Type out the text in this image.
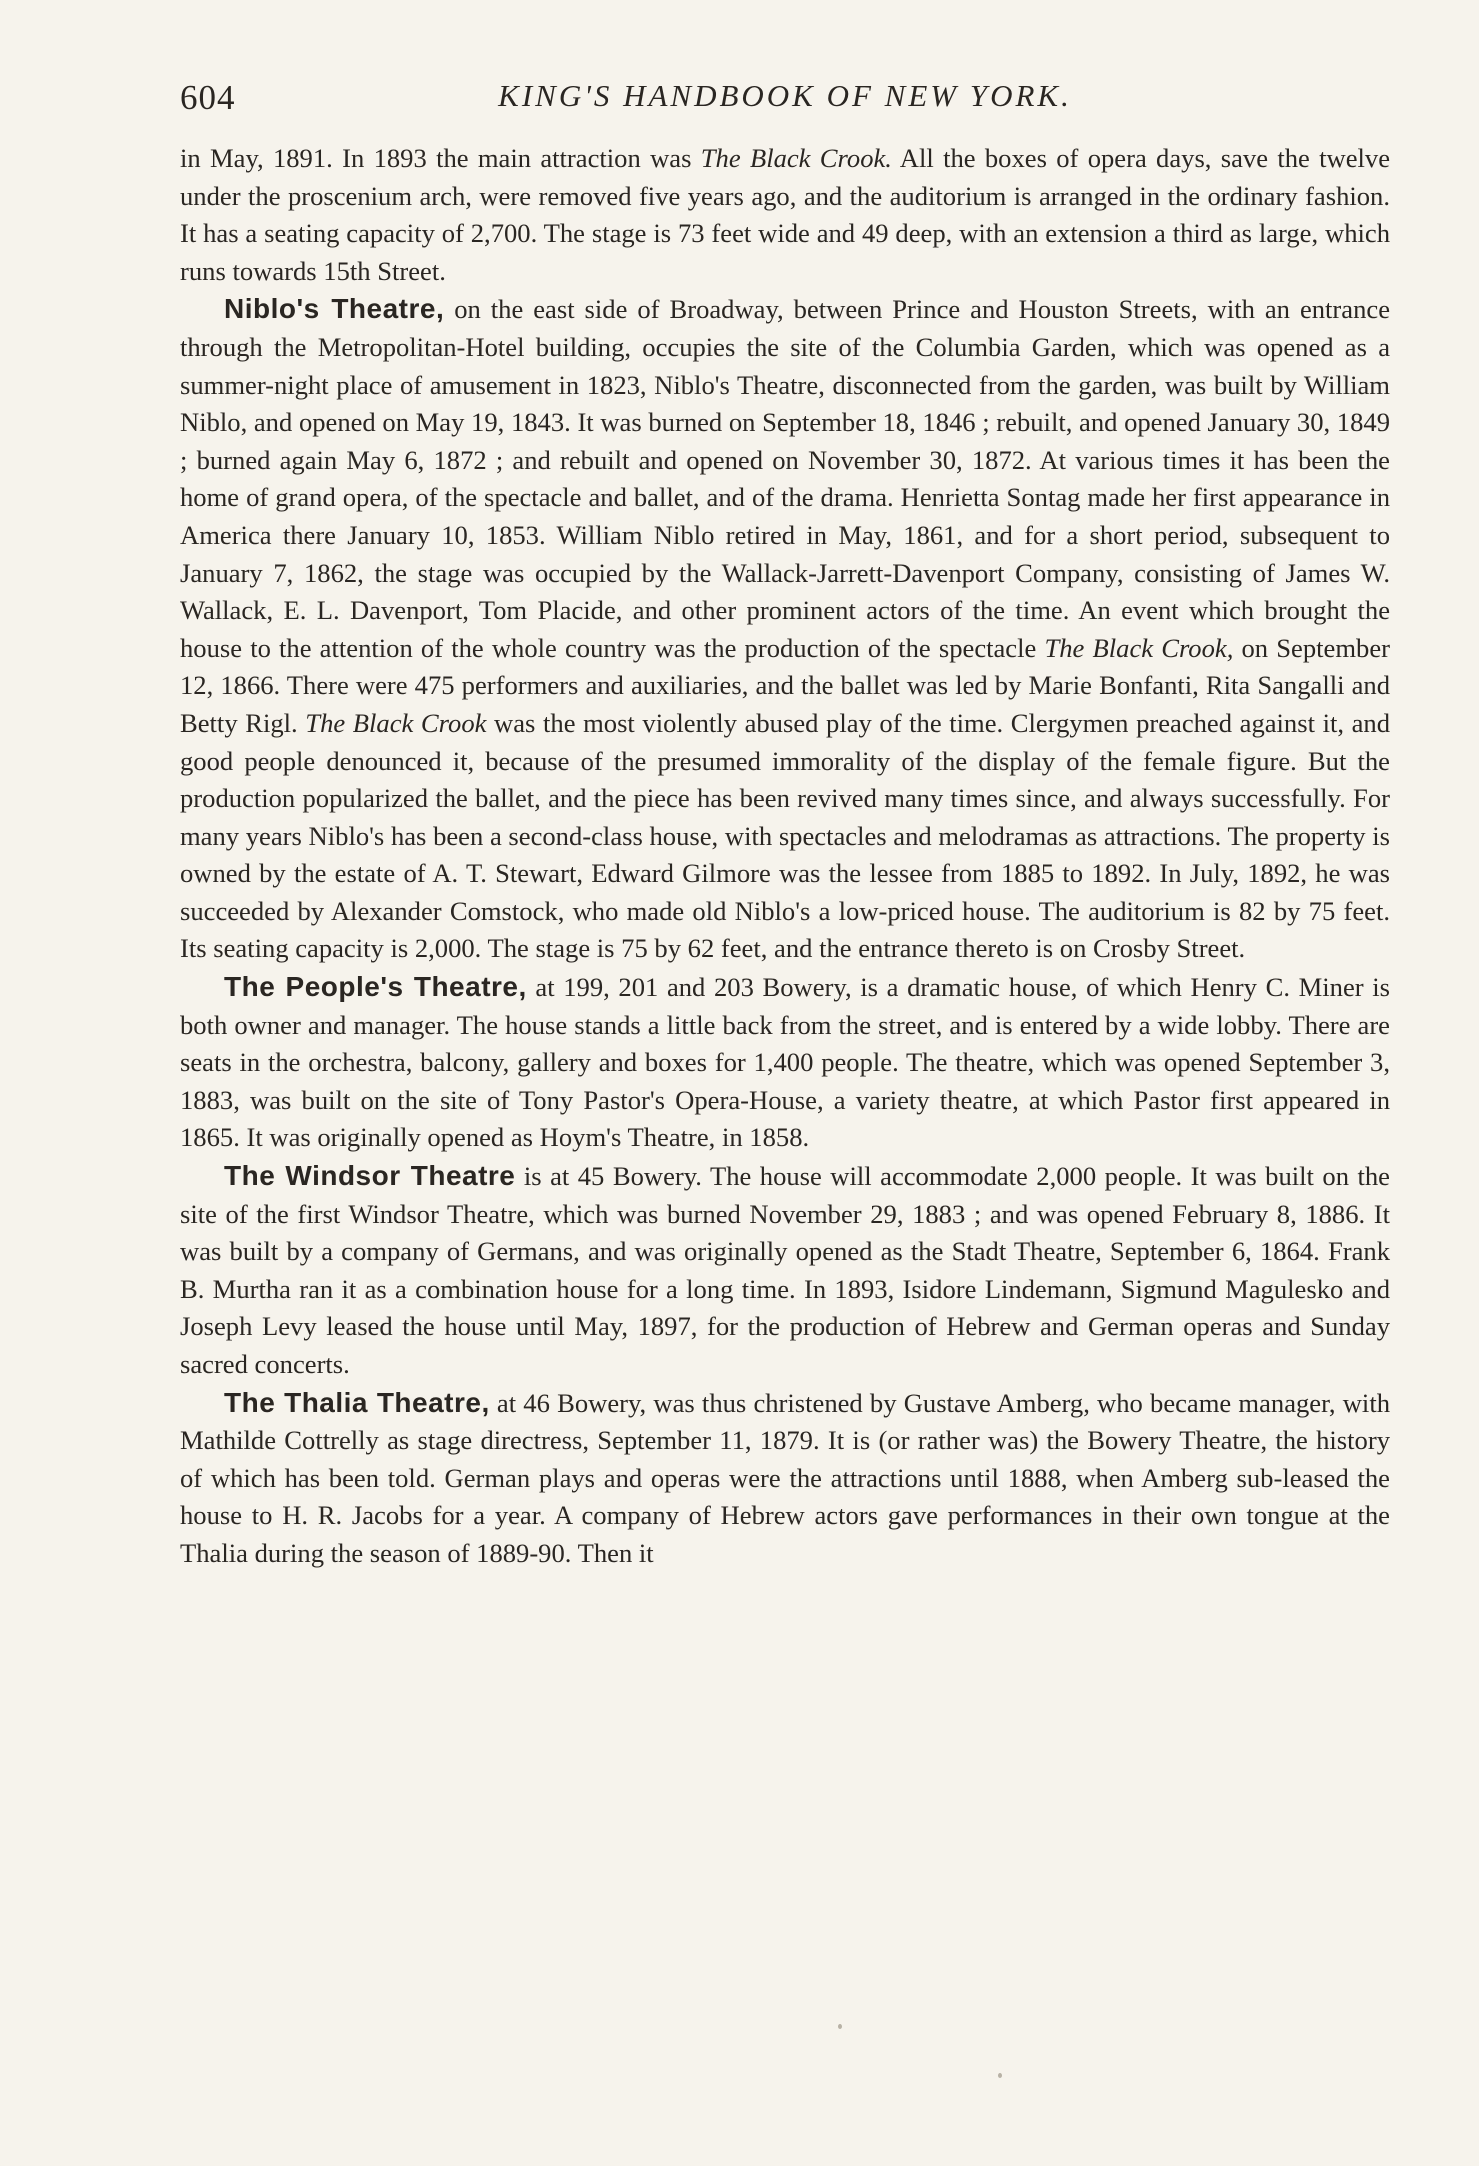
604	KING'S HANDBOOK OF NEW YORK.

in May, 1891. In 1893 the main attraction was The Black Crook. All the boxes of opera days, save the twelve under the proscenium arch, were removed five years ago, and the auditorium is arranged in the ordinary fashion. It has a seating capacity of 2,700. The stage is 73 feet wide and 49 deep, with an extension a third as large, which runs towards 15th Street.

Niblo's Theatre, on the east side of Broadway, between Prince and Houston Streets, with an entrance through the Metropolitan-Hotel building, occupies the site of the Columbia Garden, which was opened as a summer-night place of amusement in 1823, Niblo's Theatre, disconnected from the garden, was built by William Niblo, and opened on May 19, 1843. It was burned on September 18, 1846 ; rebuilt, and opened January 30, 1849 ; burned again May 6, 1872 ; and rebuilt and opened on November 30, 1872. At various times it has been the home of grand opera, of the spectacle and ballet, and of the drama. Henrietta Sontag made her first appearance in America there January 10, 1853. William Niblo retired in May, 1861, and for a short period, subsequent to January 7, 1862, the stage was occupied by the Wallack-Jarrett-Davenport Company, consisting of James W. Wallack, E. L. Davenport, Tom Placide, and other prominent actors of the time. An event which brought the house to the attention of the whole country was the production of the spectacle The Black Crook, on September 12, 1866. There were 475 performers and auxiliaries, and the ballet was led by Marie Bonfanti, Rita Sangalli and Betty Rigl. The Black Crook was the most violently abused play of the time. Clergymen preached against it, and good people denounced it, because of the presumed immorality of the display of the female figure. But the production popularized the ballet, and the piece has been revived many times since, and always successfully. For many years Niblo's has been a second-class house, with spectacles and melodramas as attractions. The property is owned by the estate of A. T. Stewart, Edward Gilmore was the lessee from 1885 to 1892. In July, 1892, he was succeeded by Alexander Comstock, who made old Niblo's a low-priced house. The auditorium is 82 by 75 feet. Its seating capacity is 2,000. The stage is 75 by 62 feet, and the entrance thereto is on Crosby Street.

The People's Theatre, at 199, 201 and 203 Bowery, is a dramatic house, of which Henry C. Miner is both owner and manager. The house stands a little back from the street, and is entered by a wide lobby. There are seats in the orchestra, balcony, gallery and boxes for 1,400 people. The theatre, which was opened September 3, 1883, was built on the site of Tony Pastor's Opera-House, a variety theatre, at which Pastor first appeared in 1865. It was originally opened as Hoym's Theatre, in 1858.

The Windsor Theatre is at 45 Bowery. The house will accommodate 2,000 people. It was built on the site of the first Windsor Theatre, which was burned November 29, 1883 ; and was opened February 8, 1886. It was built by a company of Germans, and was originally opened as the Stadt Theatre, September 6, 1864. Frank B. Murtha ran it as a combination house for a long time. In 1893, Isidore Lindemann, Sigmund Magulesko and Joseph Levy leased the house until May, 1897, for the production of Hebrew and German operas and Sunday sacred concerts.

The Thalia Theatre, at 46 Bowery, was thus christened by Gustave Amberg, who became manager, with Mathilde Cottrelly as stage directress, September 11, 1879. It is (or rather was) the Bowery Theatre, the history of which has been told. German plays and operas were the attractions until 1888, when Amberg sub-leased the house to H. R. Jacobs for a year. A company of Hebrew actors gave performances in their own tongue at the Thalia during the season of 1889-90. Then it
